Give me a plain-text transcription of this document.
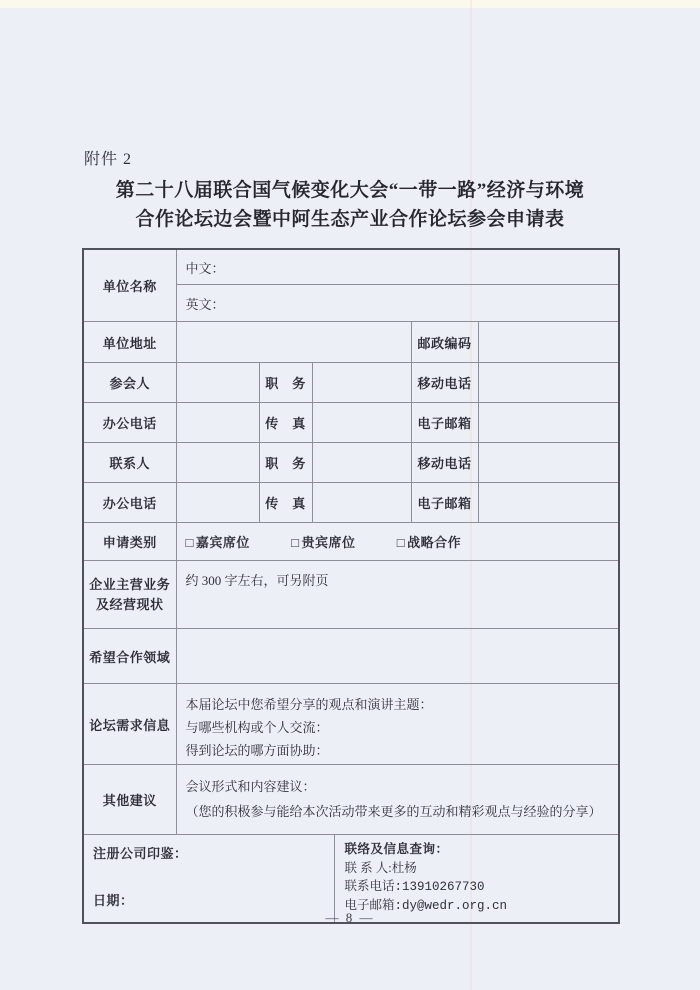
附件 2
第二十八届联合国气候变化大会“一带一路”经济与环境
合作论坛边会暨中阿生态产业合作论坛参会申请表
单位名称	中文：					
	英文：					
单位地址					邮政编码	
参会人		职　务			移动电话	
办公电话		传　真			电子邮箱	
联系人		职　务			移动电话	
办公电话		传　真			电子邮箱	
申请类别	□ 嘉宾席位 □ 贵宾席位 □ 战略合作					

企业主营业务
及经营现状	约 300 字左右，可另附页					
希望合作领域						
论坛需求信息	本届论坛中您希望分享的观点和演讲主题：
与哪些机构或个人交流：
得到论坛的哪方面协助：					

其他建议	会议形式和内容建议：
（您的积极参与能给本次活动带来更多的互动和精彩观点与经验的分享）					

注册公司印鉴：
日期：

联络及信息查询：
联 系 人:杜杨
联系电话:13910267730
电子邮箱:dy@wedr.org.cn
— 8 —
